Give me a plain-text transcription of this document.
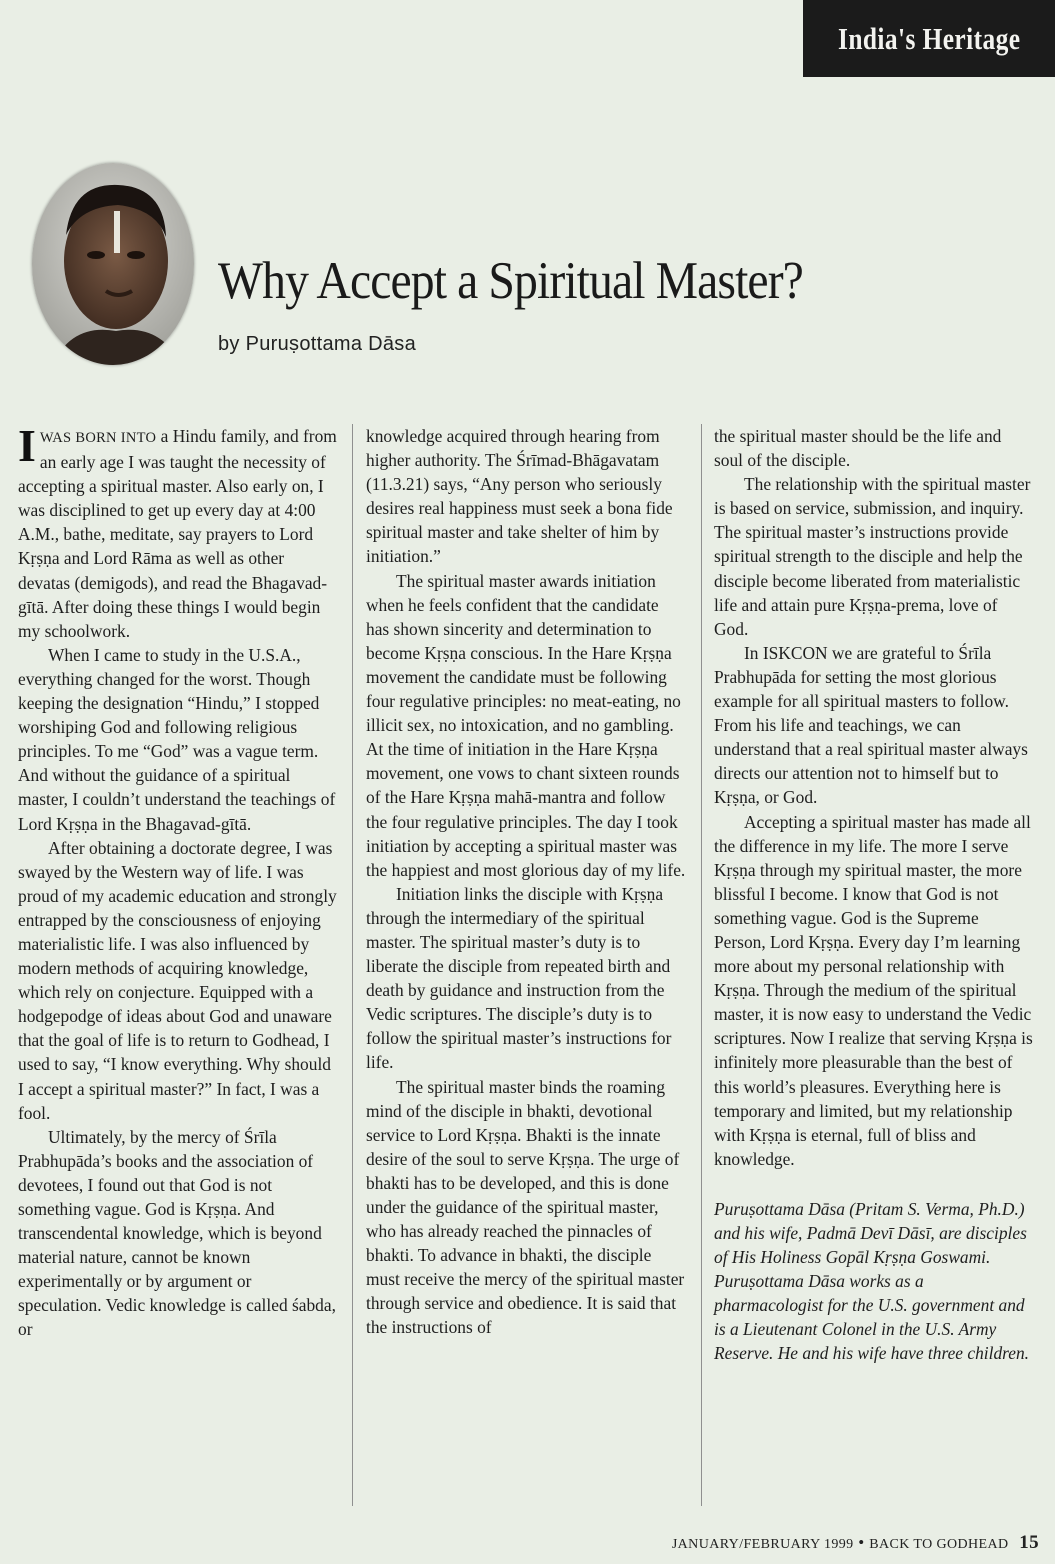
India's Heritage
Why Accept a Spiritual Master?
by Puruṣottama Dāsa

I WAS BORN INTO a Hindu family, and from an early age I was taught the necessity of accepting a spiritual master. Also early on, I was disciplined to get up every day at 4:00 A.M., bathe, meditate, say prayers to Lord Kṛṣṇa and Lord Rāma as well as other devatas (demigods), and read the Bhagavad-gītā. After doing these things I would begin my schoolwork.

When I came to study in the U.S.A., everything changed for the worst. Though keeping the designation “Hindu,” I stopped worshiping God and following religious principles. To me “God” was a vague term. And without the guidance of a spiritual master, I couldn’t understand the teachings of Lord Kṛṣṇa in the Bhagavad-gītā.

After obtaining a doctorate degree, I was swayed by the Western way of life. I was proud of my academic education and strongly entrapped by the consciousness of enjoying materialistic life. I was also influenced by modern methods of acquiring knowledge, which rely on conjecture. Equipped with a hodgepodge of ideas about God and unaware that the goal of life is to return to Godhead, I used to say, “I know everything. Why should I accept a spiritual master?” In fact, I was a fool.

Ultimately, by the mercy of Śrīla Prabhupāda’s books and the association of devotees, I found out that God is not something vague. God is Kṛṣṇa. And transcendental knowledge, which is beyond material nature, cannot be known experimentally or by argument or speculation. Vedic knowledge is called śabda, or

knowledge acquired through hearing from higher authority. The Śrīmad-Bhāgavatam (11.3.21) says, “Any person who seriously desires real happiness must seek a bona fide spiritual master and take shelter of him by initiation.”

The spiritual master awards initiation when he feels confident that the candidate has shown sincerity and determination to become Kṛṣṇa conscious. In the Hare Kṛṣṇa movement the candidate must be following four regulative principles: no meat-eating, no illicit sex, no intoxication, and no gambling. At the time of initiation in the Hare Kṛṣṇa movement, one vows to chant sixteen rounds of the Hare Kṛṣṇa mahā-mantra and follow the four regulative principles. The day I took initiation by accepting a spiritual master was the happiest and most glorious day of my life.

Initiation links the disciple with Kṛṣṇa through the intermediary of the spiritual master. The spiritual master’s duty is to liberate the disciple from repeated birth and death by guidance and instruction from the Vedic scriptures. The disciple’s duty is to follow the spiritual master’s instructions for life.

The spiritual master binds the roaming mind of the disciple in bhakti, devotional service to Lord Kṛṣṇa. Bhakti is the innate desire of the soul to serve Kṛṣṇa. The urge of bhakti has to be developed, and this is done under the guidance of the spiritual master, who has already reached the pinnacles of bhakti. To advance in bhakti, the disciple must receive the mercy of the spiritual master through service and obedience. It is said that the instructions of

the spiritual master should be the life and soul of the disciple.

The relationship with the spiritual master is based on service, submission, and inquiry. The spiritual master’s instructions provide spiritual strength to the disciple and help the disciple become liberated from materialistic life and attain pure Kṛṣṇa-prema, love of God.

In ISKCON we are grateful to Śrīla Prabhupāda for setting the most glorious example for all spiritual masters to follow. From his life and teachings, we can understand that a real spiritual master always directs our attention not to himself but to Kṛṣṇa, or God.

Accepting a spiritual master has made all the difference in my life. The more I serve Kṛṣṇa through my spiritual master, the more blissful I become. I know that God is not something vague. God is the Supreme Person, Lord Kṛṣṇa. Every day I’m learning more about my personal relationship with Kṛṣṇa. Through the medium of the spiritual master, it is now easy to understand the Vedic scriptures. Now I realize that serving Kṛṣṇa is infinitely more pleasurable than the best of this world’s pleasures. Everything here is temporary and limited, but my relationship with Kṛṣṇa is eternal, full of bliss and knowledge.

Puruṣottama Dāsa (Pritam S. Verma, Ph.D.) and his wife, Padmā Devī Dāsī, are disciples of His Holiness Gopāl Kṛṣṇa Goswami. Puruṣottama Dāsa works as a pharmacologist for the U.S. government and is a Lieutenant Colonel in the U.S. Army Reserve. He and his wife have three children.

JANUARY/FEBRUARY 1999 • BACK TO GODHEAD 15
